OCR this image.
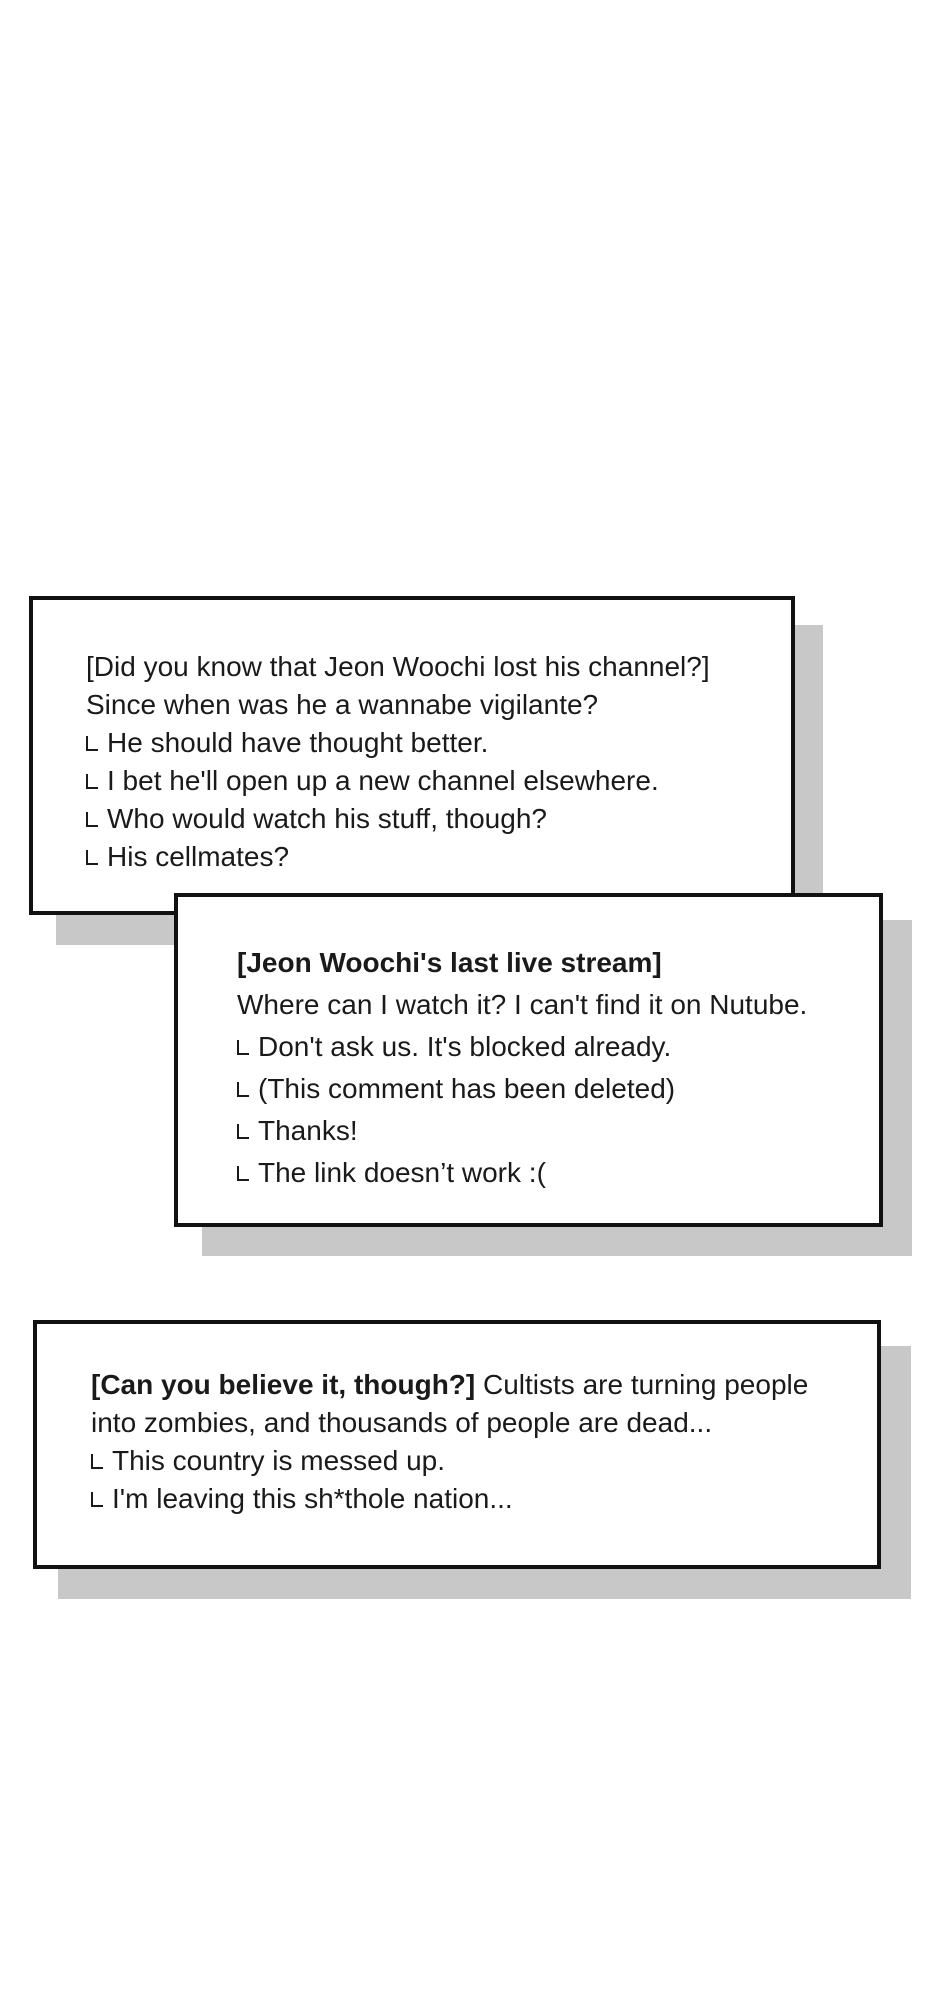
[Did you know that Jeon Woochi lost his channel?]
Since when was he a wannabe vigilante?
He should have thought better.
I bet he'll open up a new channel elsewhere.
Who would watch his stuff, though?
His cellmates?
[Jeon Woochi's last live stream]
Where can I watch it? I can't find it on Nutube.
Don't ask us. It's blocked already.
(This comment has been deleted)
Thanks!
The link doesn’t work :(
[Can you believe it, though?] Cultists are turning people
into zombies, and thousands of people are dead...
This country is messed up.
I'm leaving this sh*thole nation...
